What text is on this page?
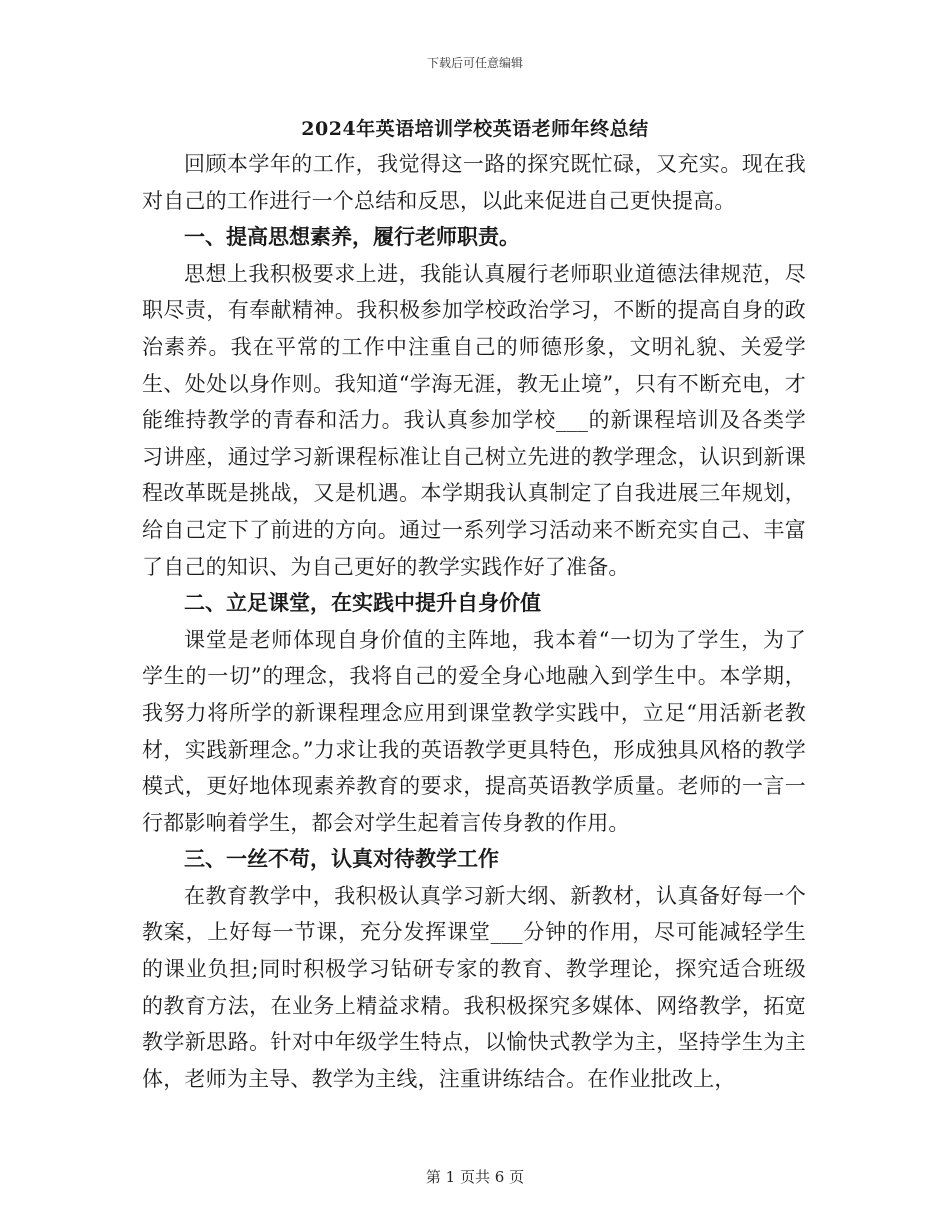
下载后可任意编辑
2024年英语培训学校英语老师年终总结

回顾本学年的工作，我觉得这一路的探究既忙碌，又充实。现在我对自己的工作进行一个总结和反思，以此来促进自己更快提高。

一、提高思想素养，履行老师职责。

思想上我积极要求上进，我能认真履行老师职业道德法律规范，尽职尽责，有奉献精神。我积极参加学校政治学习，不断的提高自身的政治素养。我在平常的工作中注重自己的师德形象，文明礼貌、关爱学生、处处以身作则。我知道“学海无涯，教无止境”，只有不断充电，才能维持教学的青春和活力。我认真参加学校___的新课程培训及各类学习讲座，通过学习新课程标准让自己树立先进的教学理念，认识到新课程改革既是挑战，又是机遇。本学期我认真制定了自我进展三年规划，给自己定下了前进的方向。通过一系列学习活动来不断充实自己、丰富了自己的知识、为自己更好的教学实践作好了准备。

二、立足课堂，在实践中提升自身价值

课堂是老师体现自身价值的主阵地，我本着“一切为了学生，为了学生的一切”的理念，我将自己的爱全身心地融入到学生中。本学期，我努力将所学的新课程理念应用到课堂教学实践中，立足“用活新老教材，实践新理念。”力求让我的英语教学更具特色，形成独具风格的教学模式，更好地体现素养教育的要求，提高英语教学质量。老师的一言一行都影响着学生，都会对学生起着言传身教的作用。

三、一丝不苟，认真对待教学工作

在教育教学中，我积极认真学习新大纲、新教材，认真备好每一个教案，上好每一节课，充分发挥课堂___分钟的作用，尽可能减轻学生的课业负担;同时积极学习钻研专家的教育、教学理论，探究适合班级的教育方法，在业务上精益求精。我积极探究多媒体、网络教学，拓宽教学新思路。针对中年级学生特点，以愉快式教学为主，坚持学生为主体，老师为主导、教学为主线，注重讲练结合。在作业批改上，

第 1 页共 6 页
